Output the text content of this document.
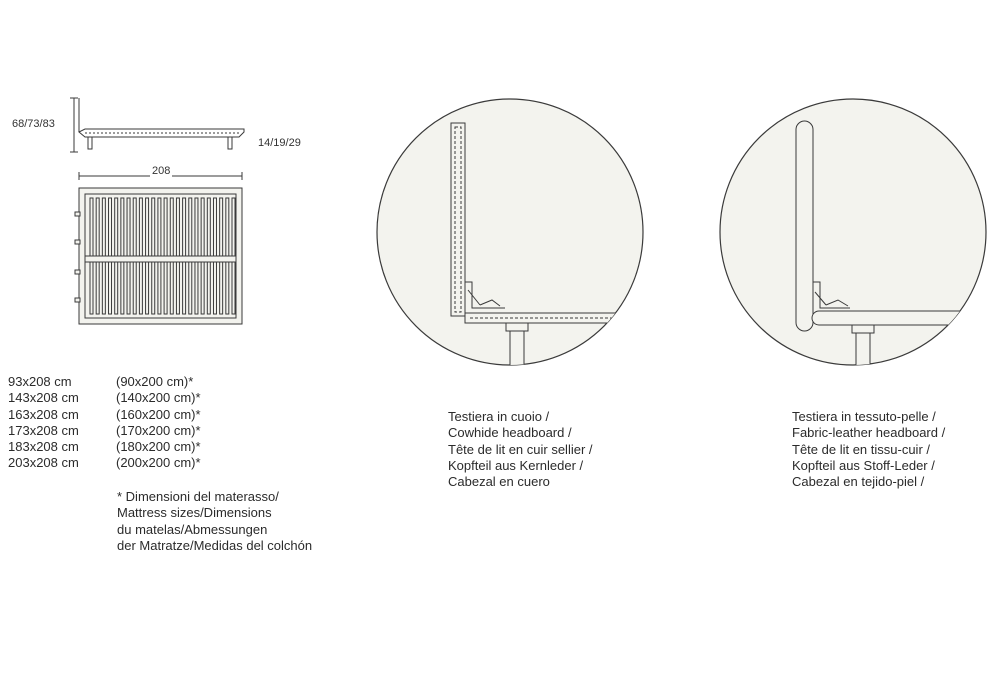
68/73/83
14/19/29
208
93x208 cm	(90x200 cm)*
143x208 cm	(140x200 cm)*
163x208 cm	(160x200 cm)*
173x208 cm	(170x200 cm)*
183x208 cm	(180x200 cm)*
203x208 cm	(200x200 cm)*
* Dimensioni del materasso/
Mattress sizes/Dimensions
du matelas/Abmessungen
der Matratze/Medidas del colchón
Testiera in cuoio /
Cowhide headboard /
Tête de lit en cuir sellier /
Kopfteil aus Kernleder /
Cabezal en cuero
Testiera in tessuto-pelle /
Fabric-leather headboard /
Tête de lit en tissu-cuir /
Kopfteil aus Stoff-Leder /
Cabezal en tejido-piel /
